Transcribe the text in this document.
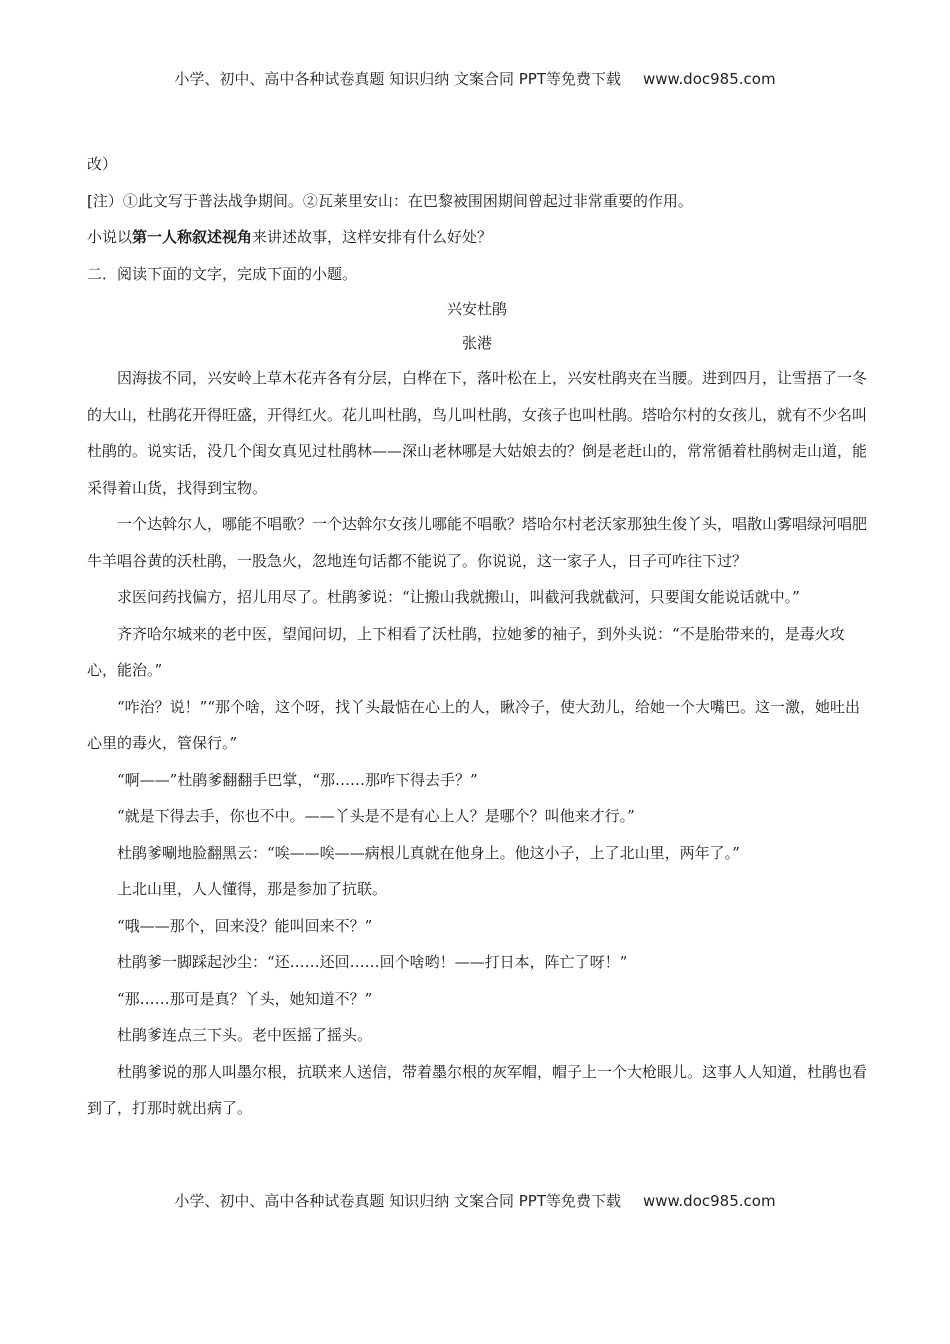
小学、初中、高中各种试卷真题 知识归纳 文案合同 PPT等免费下载 www.doc985.com

改）

[注）①此文写于普法战争期间。②瓦莱里安山：在巴黎被围困期间曾起过非常重要的作用。

小说以第一人称叙述视角来讲述故事，这样安排有什么好处？

二．阅读下面的文字，完成下面的小题。

兴安杜鹃

张港

因海拔不同，兴安岭上草木花卉各有分层，白桦在下，落叶松在上，兴安杜鹃夹在当腰。进到四月，让雪捂了一冬的大山，杜鹃花开得旺盛，开得红火。花儿叫杜鹃，鸟儿叫杜鹃，女孩子也叫杜鹃。塔哈尔村的女孩儿，就有不少名叫杜鹃的。说实话，没几个闺女真见过杜鹃林——深山老林哪是大姑娘去的？倒是老赶山的，常常循着杜鹃树走山道，能采得着山货，找得到宝物。

一个达斡尔人，哪能不唱歌？一个达斡尔女孩儿哪能不唱歌？塔哈尔村老沃家那独生俊丫头，唱散山雾唱绿河唱肥牛羊唱谷黄的沃杜鹃，一股急火，忽地连句话都不能说了。你说说，这一家子人，日子可咋往下过？

求医问药找偏方，招儿用尽了。杜鹃爹说：“让搬山我就搬山，叫截河我就截河，只要闺女能说话就中。”

齐齐哈尔城来的老中医，望闻问切，上下相看了沃杜鹃，拉她爹的袖子，到外头说：“不是胎带来的，是毒火攻心，能治。”

“咋治？说！”“那个啥，这个呀，找丫头最惦在心上的人，瞅冷子，使大劲儿，给她一个大嘴巴。这一激，她吐出心里的毒火，管保行。”

“啊——”杜鹃爹翻翻手巴掌，“那……那咋下得去手？”

“就是下得去手，你也不中。——丫头是不是有心上人？是哪个？叫他来才行。”

杜鹃爹唰地脸翻黑云：“唉——唉——病根儿真就在他身上。他这小子，上了北山里，两年了。”

上北山里，人人懂得，那是参加了抗联。

“哦——那个，回来没？能叫回来不？”

杜鹃爹一脚踩起沙尘：“还……还回……回个啥哟！——打日本，阵亡了呀！”

“那……那可是真？丫头，她知道不？”

杜鹃爹连点三下头。老中医摇了摇头。

杜鹃爹说的那人叫墨尔根，抗联来人送信，带着墨尔根的灰军帽，帽子上一个大枪眼儿。这事人人知道，杜鹃也看到了，打那时就出病了。

小学、初中、高中各种试卷真题 知识归纳 文案合同 PPT等免费下载 www.doc985.com
